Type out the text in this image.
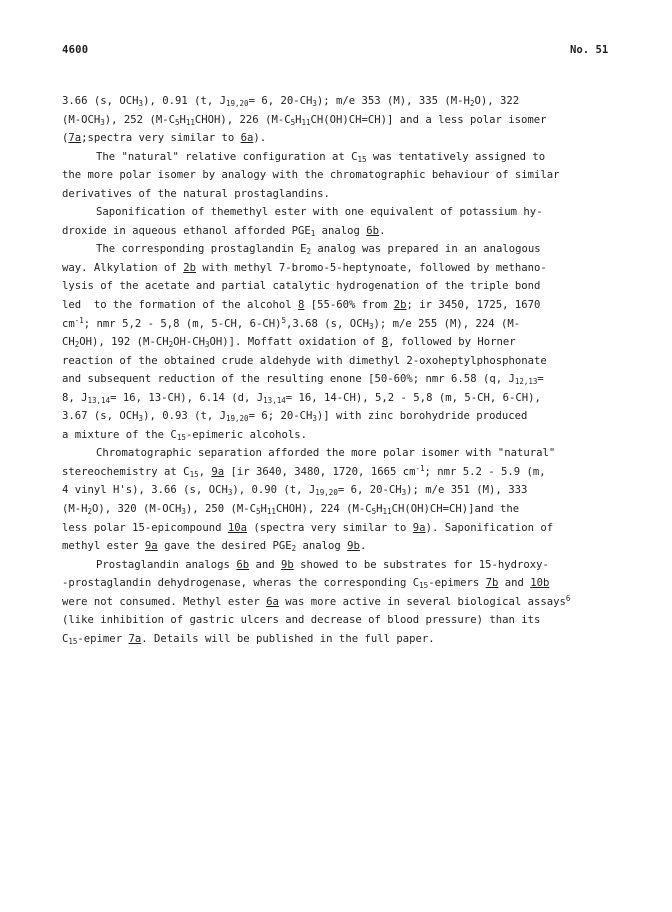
4600	No. 51
3.66 (s, $OCH_3$), 0.91 (t, $J_{19,20}= 6$, $20-CH_3$); m/e 353 (M), 335 $(M-H_2O)$, 322
$(M-OCH_3)$, 252 $(M-C_5H_{11}CHOH)$, 226 $(M-C_5H_{11}CH(OH)CH=CH)$] and a less polar isomer
(7a;spectra very similar to 6a).
The "natural" relative configuration at $C_{15}$ was tentatively assigned to
the more polar isomer by analogy with the chromatographic behaviour of similar
derivatives of the natural prostaglandins.
Saponification of themethyl ester with one equivalent of potassium hy-
droxide in aqueous ethanol afforded $PGE_1$ analog 6b.
The corresponding prostaglandin $E_2$ analog was prepared in an analogous
way. Alkylation of 2b with methyl 7-bromo-5-heptynoate, followed by methano-
lysis of the acetate and partial catalytic hydrogenation of the triple bond
led  to the formation of the alcohol 8 [55-60% from 2b; ir 3450, 1725, 1670
$cm^{-1}$; nmr 5,2 - 5,8 (m, 5-CH, 6-CH)$^5$,3.68 (s, $OCH_3$); m/e 255 (M), 224 (M-
$CH_2OH$), 192 $(M-CH_2OH-CH_3OH)$]. Moffatt oxidation of 8, followed by Horner
reaction of the obtained crude aldehyde with dimethyl 2-oxoheptylphosphonate
and subsequent reduction of the resulting enone [50-60%; nmr 6.58 (q, $J_{12,13}=$
8, $J_{13,14}= 16$, 13-CH), 6.14 (d, $J_{13,14}= 16$, 14-CH), 5,2 - 5,8 (m, 5-CH, 6-CH),
3.67 (s, $OCH_3$), 0.93 (t, $J_{19,20}= 6$; $20-CH_3$)] with zinc borohydride produced
a mixture of the $C_{15}$-epimeric alcohols.
Chromatographic separation afforded the more polar isomer with "natural"
stereochemistry at $C_{15}$, 9a [ir 3640, 3480, 1720, 1665 $cm^{-1}$; nmr 5.2 - 5.9 (m,
4 vinyl H's), 3.66 (s, $OCH_3$), 0.90 (t, $J_{19,20}= 6$, $20-CH_3$); m/e 351 (M), 333
$(M-H_2O)$, 320 $(M-OCH_3)$, 250 $(M-C_5H_{11}CHOH)$, 224 $(M-C_5H_{11}CH(OH)CH=CH)]and$ the
less polar 15-epicompound 10a (spectra very similar to 9a). Saponification of
methyl ester 9a gave the desired $PGE_2$ analog 9b.
Prostaglandin analogs 6b and 9b showed to be substrates for 15-hydroxy-
-prostaglandin dehydrogenase, wheras the corresponding $C_{15}$-epimers 7b and 10b
were not consumed. Methyl ester 6a was more active in several biological assays$^6$
(like inhibition of gastric ulcers and decrease of blood pressure) than its
$C_{15}$-epimer 7a. Details will be published in the full paper.
